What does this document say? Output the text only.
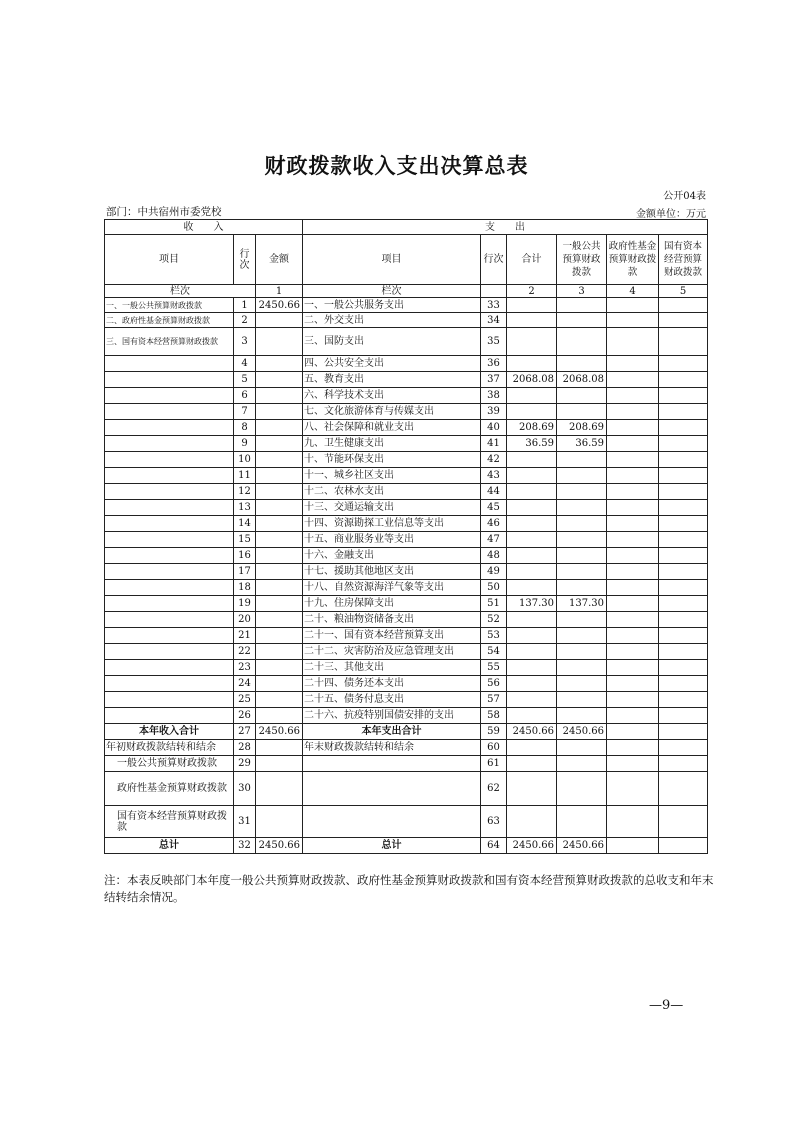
财政拨款收入支出决算总表
公开04表
部门：中共宿州市委党校	金额单位：万元
收　　入			支　　出					
项目	行次	金额	项目	行次	合计	一般公共预算财政拨款	政府性基金预算财政拨款	国有资本经营预算财政拨款
栏次		1	栏次		2	3	4	5
一、一般公共预算财政拨款	1	2450.66	一、一般公共服务支出	33				
二、政府性基金预算财政拨款	2		二、外交支出	34				
三、国有资本经营预算财政拨款	3		三、国防支出	35				
	4		四、公共安全支出	36				
	5		五、教育支出	37	2068.08	2068.08		
	6		六、科学技术支出	38				
	7		七、文化旅游体育与传媒支出	39				
	8		八、社会保障和就业支出	40	208.69	208.69		
	9		九、卫生健康支出	41	36.59	36.59		
	10		十、节能环保支出	42				
	11		十一、城乡社区支出	43				
	12		十二、农林水支出	44				
	13		十三、交通运输支出	45				
	14		十四、资源勘探工业信息等支出	46				
	15		十五、商业服务业等支出	47				
	16		十六、金融支出	48				
	17		十七、援助其他地区支出	49				
	18		十八、自然资源海洋气象等支出	50				
	19		十九、住房保障支出	51	137.30	137.30		
	20		二十、粮油物资储备支出	52				
	21		二十一、国有资本经营预算支出	53				
	22		二十二、灾害防治及应急管理支出	54				
	23		二十三、其他支出	55				
	24		二十四、债务还本支出	56				
	25		二十五、债务付息支出	57				
	26		二十六、抗疫特别国债安排的支出	58				
本年收入合计	27	2450.66	本年支出合计	59	2450.66	2450.66		
年初财政拨款结转和结余	28		年末财政拨款结转和结余	60				
一般公共预算财政拨款	29			61				
政府性基金预算财政拨款	30			62				
国有资本经营预算财政拨款	31			63				
总计	32	2450.66	总计	64	2450.66	2450.66		
注：本表反映部门本年度一般公共预算财政拨款、政府性基金预算财政拨款和国有资本经营预算财政拨款的总收支和年末结转结余情况。
—9—
